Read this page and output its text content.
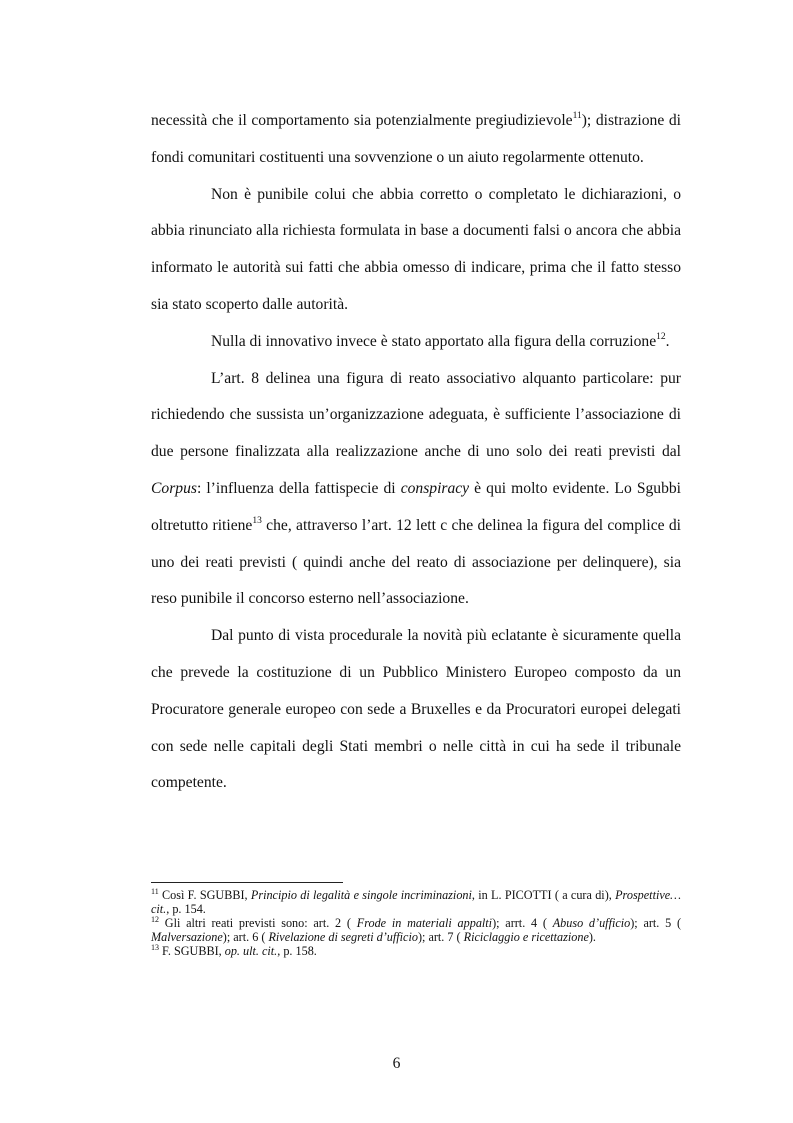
necessità che il comportamento sia potenzialmente pregiudizievole$^{11}$); distrazione di fondi comunitari costituenti una sovvenzione o un aiuto regolarmente ottenuto.

Non è punibile colui che abbia corretto o completato le dichiarazioni, o abbia rinunciato alla richiesta formulata in base a documenti falsi o ancora che abbia informato le autorità sui fatti che abbia omesso di indicare, prima che il fatto stesso sia stato scoperto dalle autorità.

Nulla di innovativo invece è stato apportato alla figura della corruzione$^{12}$.

L’art. 8 delinea una figura di reato associativo alquanto particolare: pur richiedendo che sussista un’organizzazione adeguata, è sufficiente l’associazione di due persone finalizzata alla realizzazione anche di uno solo dei reati previsti dal Corpus: l’influenza della fattispecie di conspiracy è qui molto evidente. Lo Sgubbi oltretutto ritiene$^{13}$ che, attraverso l’art. 12 lett c che delinea la figura del complice di uno dei reati previsti ( quindi anche del reato di associazione per delinquere), sia reso punibile il concorso esterno nell’associazione.

Dal punto di vista procedurale la novità più eclatante è sicuramente quella che prevede la costituzione di un Pubblico Ministero Europeo composto da un Procuratore generale europeo con sede a Bruxelles e da Procuratori europei delegati con sede nelle capitali degli Stati membri o nelle città in cui ha sede il tribunale competente.

$^{11}$ Così F. SGUBBI, Principio di legalità e singole incriminazioni, in L. PICOTTI ( a cura di), Prospettive… cit., p. 154.

$^{12}$ Gli altri reati previsti sono: art. 2 ( Frode in materiali appalti); arrt. 4 ( Abuso d’ufficio); art. 5 ( Malversazione); art. 6 ( Rivelazione di segreti d’ufficio); art. 7 ( Riciclaggio e ricettazione).

$^{13}$ F. SGUBBI, op. ult. cit., p. 158.

6
